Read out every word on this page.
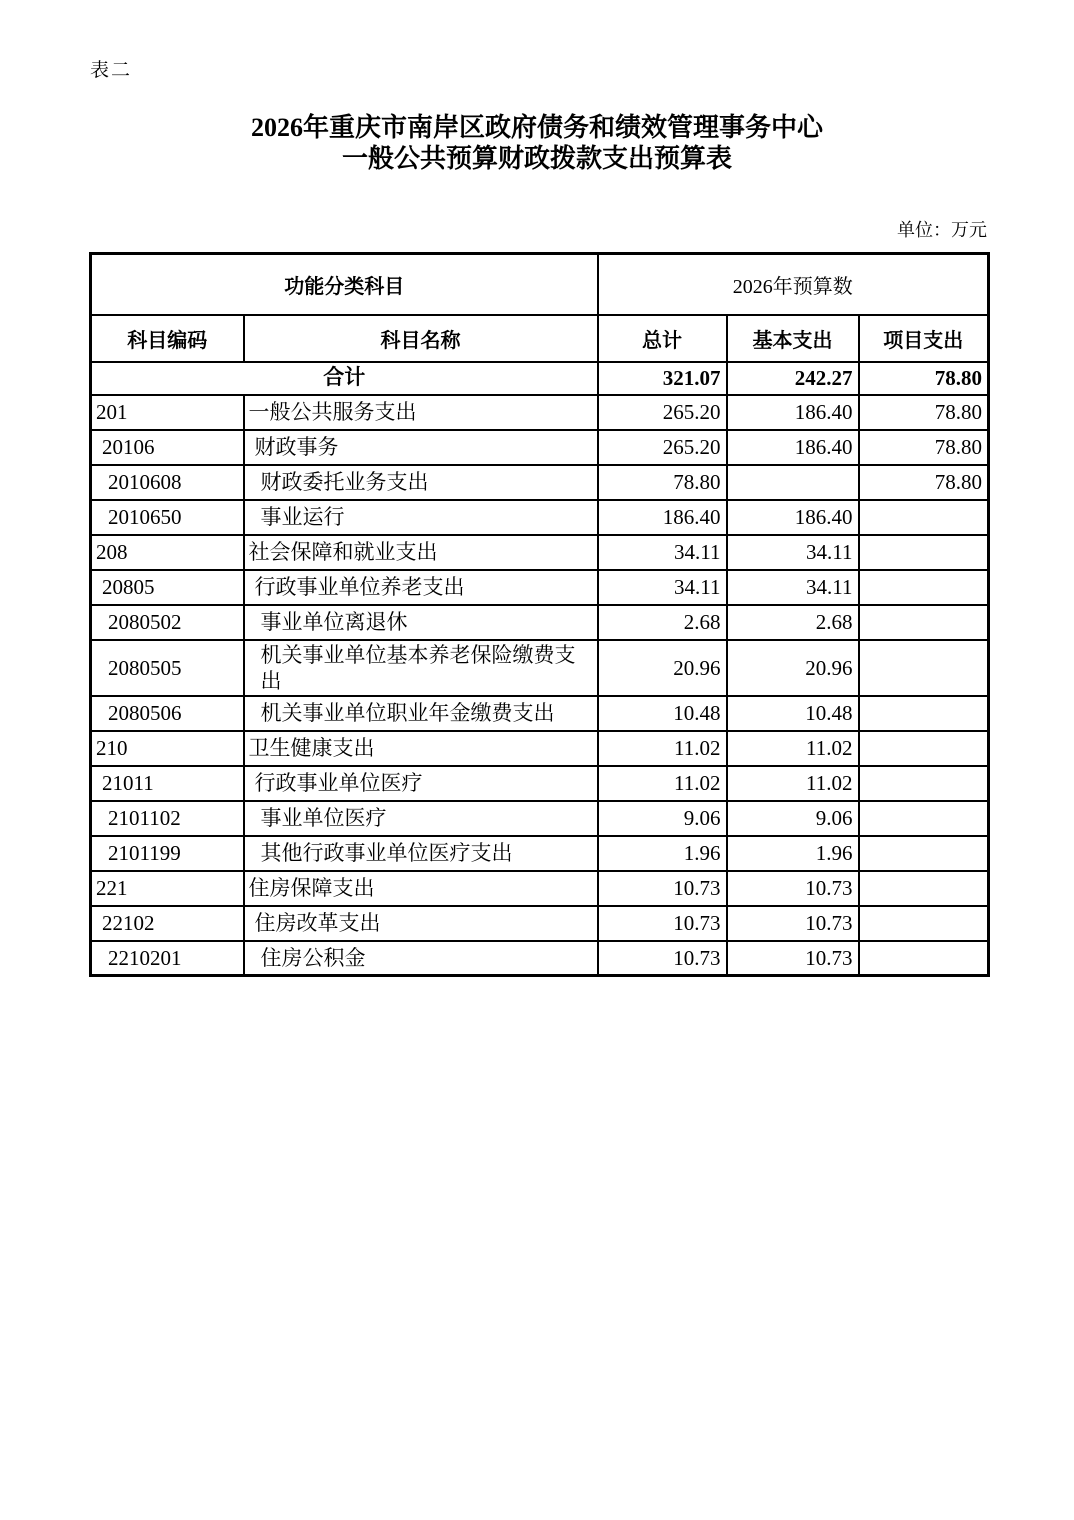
表二
2026年重庆市南岸区政府债务和绩效管理事务中心
一般公共预算财政拨款支出预算表
单位：万元
功能分类科目		2026年预算数		
科目编码	科目名称	总计	基本支出	项目支出
合计		321.07	242.27	78.80
201	一般公共服务支出	265.20	186.40	78.80
20106	财政事务	265.20	186.40	78.80
2010608	财政委托业务支出	78.80		78.80
2010650	事业运行	186.40	186.40	
208	社会保障和就业支出	34.11	34.11	
20805	行政事业单位养老支出	34.11	34.11	
2080502	事业单位离退休	2.68	2.68	
2080505	机关事业单位基本养老保险缴费支出	20.96	20.96	
2080506	机关事业单位职业年金缴费支出	10.48	10.48	
210	卫生健康支出	11.02	11.02	
21011	行政事业单位医疗	11.02	11.02	
2101102	事业单位医疗	9.06	9.06	
2101199	其他行政事业单位医疗支出	1.96	1.96	
221	住房保障支出	10.73	10.73	
22102	住房改革支出	10.73	10.73	
2210201	住房公积金	10.73	10.73	
